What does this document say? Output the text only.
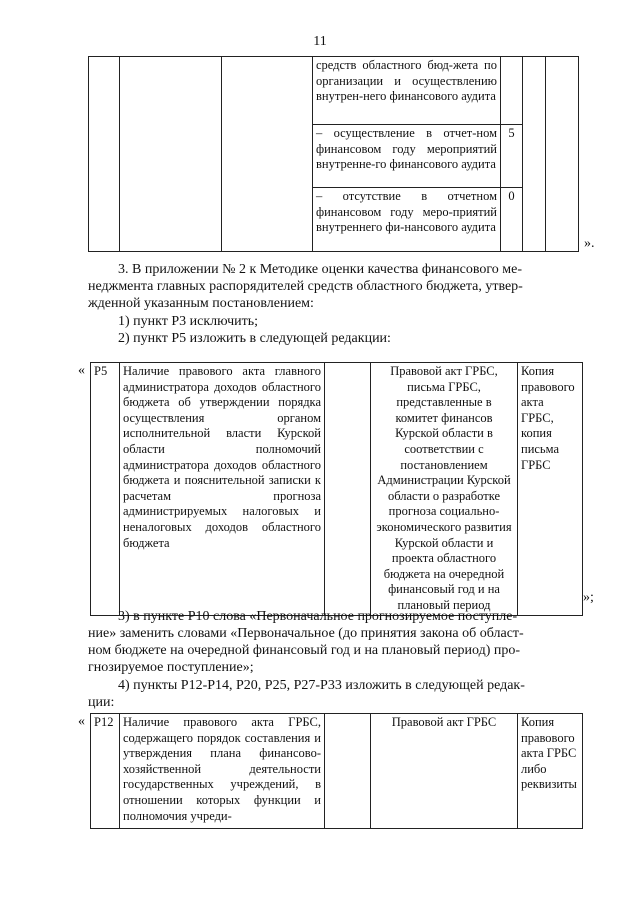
11
			средств областного бюд-жета по организации и осуществлению внутрен-него финансового аудита			
			– осуществление в отчет-ном финансовом году мероприятий внутренне-го финансового аудита	5		
			– отсутствие в отчетном финансовом году меро-приятий внутреннего фи-нансового аудита	0		
».
3. В приложении № 2 к Методике оценки качества финансового ме-
неджмента главных распорядителей средств областного бюджета, утвер-
жденной указанным постановлением:
1) пункт Р3 исключить;
2) пункт Р5 изложить в следующей редакции:
« Р5	Наличие правового акта главного администратора доходов областного бюджета об утверждении порядка осуществления органом исполнительной власти Курской области полномочий администратора доходов областного бюджета и пояснительной записки к расчетам прогноза администрируемых налоговых и неналоговых доходов областного бюджета		Правовой акт ГРБС, письма ГРБС, представленные в комитет финансов Курской области в соответствии с постановлением Администрации Курской области о разработке прогноза социально-экономического развития Курской области и проекта областного бюджета на очередной финансовый год и на плановый период	Копия правового акта ГРБС, копия письма ГРБС
»;
3) в пункте Р10 слова «Первоначальное прогнозируемое поступле-
ние» заменить словами «Первоначальное (до принятия закона об област-
ном бюджете на очередной финансовый год и на плановый период) про-
гнозируемое поступление»;
4) пункты Р12-Р14, Р20, Р25, Р27-Р33 изложить в следующей редак-
ции:
« Р12	Наличие правового акта ГРБС, содержащего порядок составления и утверждения плана финансово-хозяйственной деятельности государственных учреждений, в отношении которых функции и полномочия учреди-		Правовой акт ГРБС	Копия правового акта ГРБС либо реквизиты
